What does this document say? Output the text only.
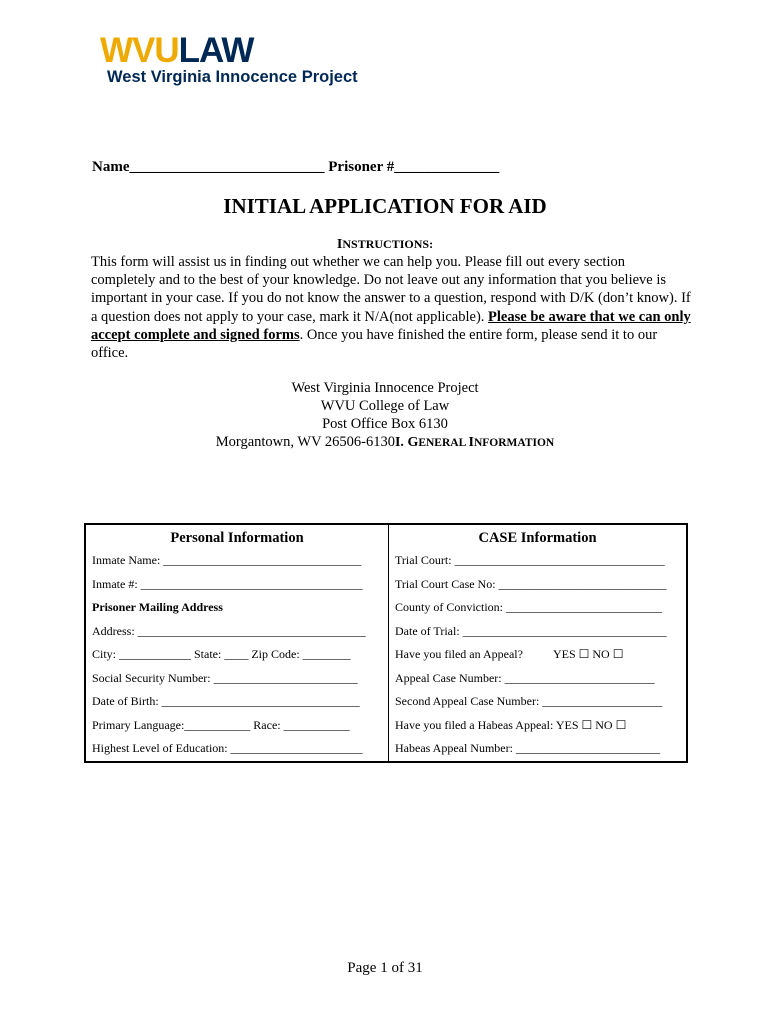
WVULAW
West Virginia Innocence Project
Name__________________________ Prisoner #______________
INITIAL APPLICATION FOR AID
INSTRUCTIONS:

This form will assist us in finding out whether we can help you. Please fill out every section completely and to the best of your knowledge. Do not leave out any information that you believe is important in your case. If you do not know the answer to a question, respond with D/K (don’t know). If a question does not apply to your case, mark it N/A(not applicable). Please be aware that we can only accept complete and signed forms. Once you have finished the entire form, please send it to our office.

West Virginia Innocence Project
WVU College of Law
Post Office Box 6130
Morgantown, WV 26506-6130I. GENERAL INFORMATION
Personal Information	CASE Information
Inmate Name: _________________________________	Trial Court: ___________________________________
Inmate #: _____________________________________	Trial Court Case No: ____________________________
Prisoner Mailing Address	County of Conviction: __________________________
Address: ______________________________________	Date of Trial: __________________________________
City: ____________ State: ____ Zip Code: ________	Have you filed an Appeal? YES ☐ NO ☐
Social Security Number: ________________________	Appeal Case Number: _________________________
Date of Birth: _________________________________	Second Appeal Case Number: ____________________
Primary Language:___________ Race: ___________	Have you filed a Habeas Appeal: YES ☐ NO ☐
Highest Level of Education: ______________________	Habeas Appeal Number: ________________________
Page 1 of 31
